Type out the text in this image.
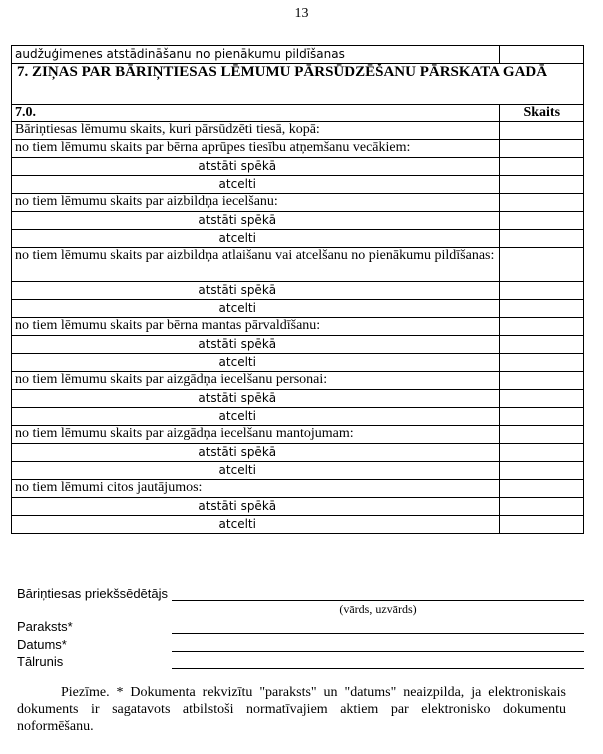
13
audžuģimenes atstādināšanu no pienākumu pildīšanas	
7. ZIŅAS PAR BĀRIŅTIESAS LĒMUMU PĀRSŪDZĒŠANU PĀRSKATA GADĀ	
7.0.	Skaits
Bāriņtiesas lēmumu skaits, kuri pārsūdzēti tiesā, kopā:	
no tiem lēmumu skaits par bērna aprūpes tiesību atņemšanu vecākiem:	
atstāti spēkā	
atcelti	
no tiem lēmumu skaits par aizbildņa iecelšanu:	
atstāti spēkā	
atcelti	
no tiem lēmumu skaits par aizbildņa atlaišanu vai atcelšanu no pienākumu pildīšanas:	
atstāti spēkā	
atcelti	
no tiem lēmumu skaits par bērna mantas pārvaldīšanu:	
atstāti spēkā	
atcelti	
no tiem lēmumu skaits par aizgādņa iecelšanu personai:	
atstāti spēkā	
atcelti	
no tiem lēmumu skaits par aizgādņa iecelšanu mantojumam:	
atstāti spēkā	
atcelti	
no tiem lēmumi citos jautājumos:	
atstāti spēkā	
atcelti	
Bāriņtiesas priekšsēdētājs
(vārds, uzvārds)
Paraksts*
Datums*
Tālrunis
Piezīme. * Dokumenta rekvizītu "paraksts" un "datums" neaizpilda, ja elektroniskais dokuments ir sagatavots atbilstoši normatīvajiem aktiem par elektronisko dokumentu noformēšanu.
